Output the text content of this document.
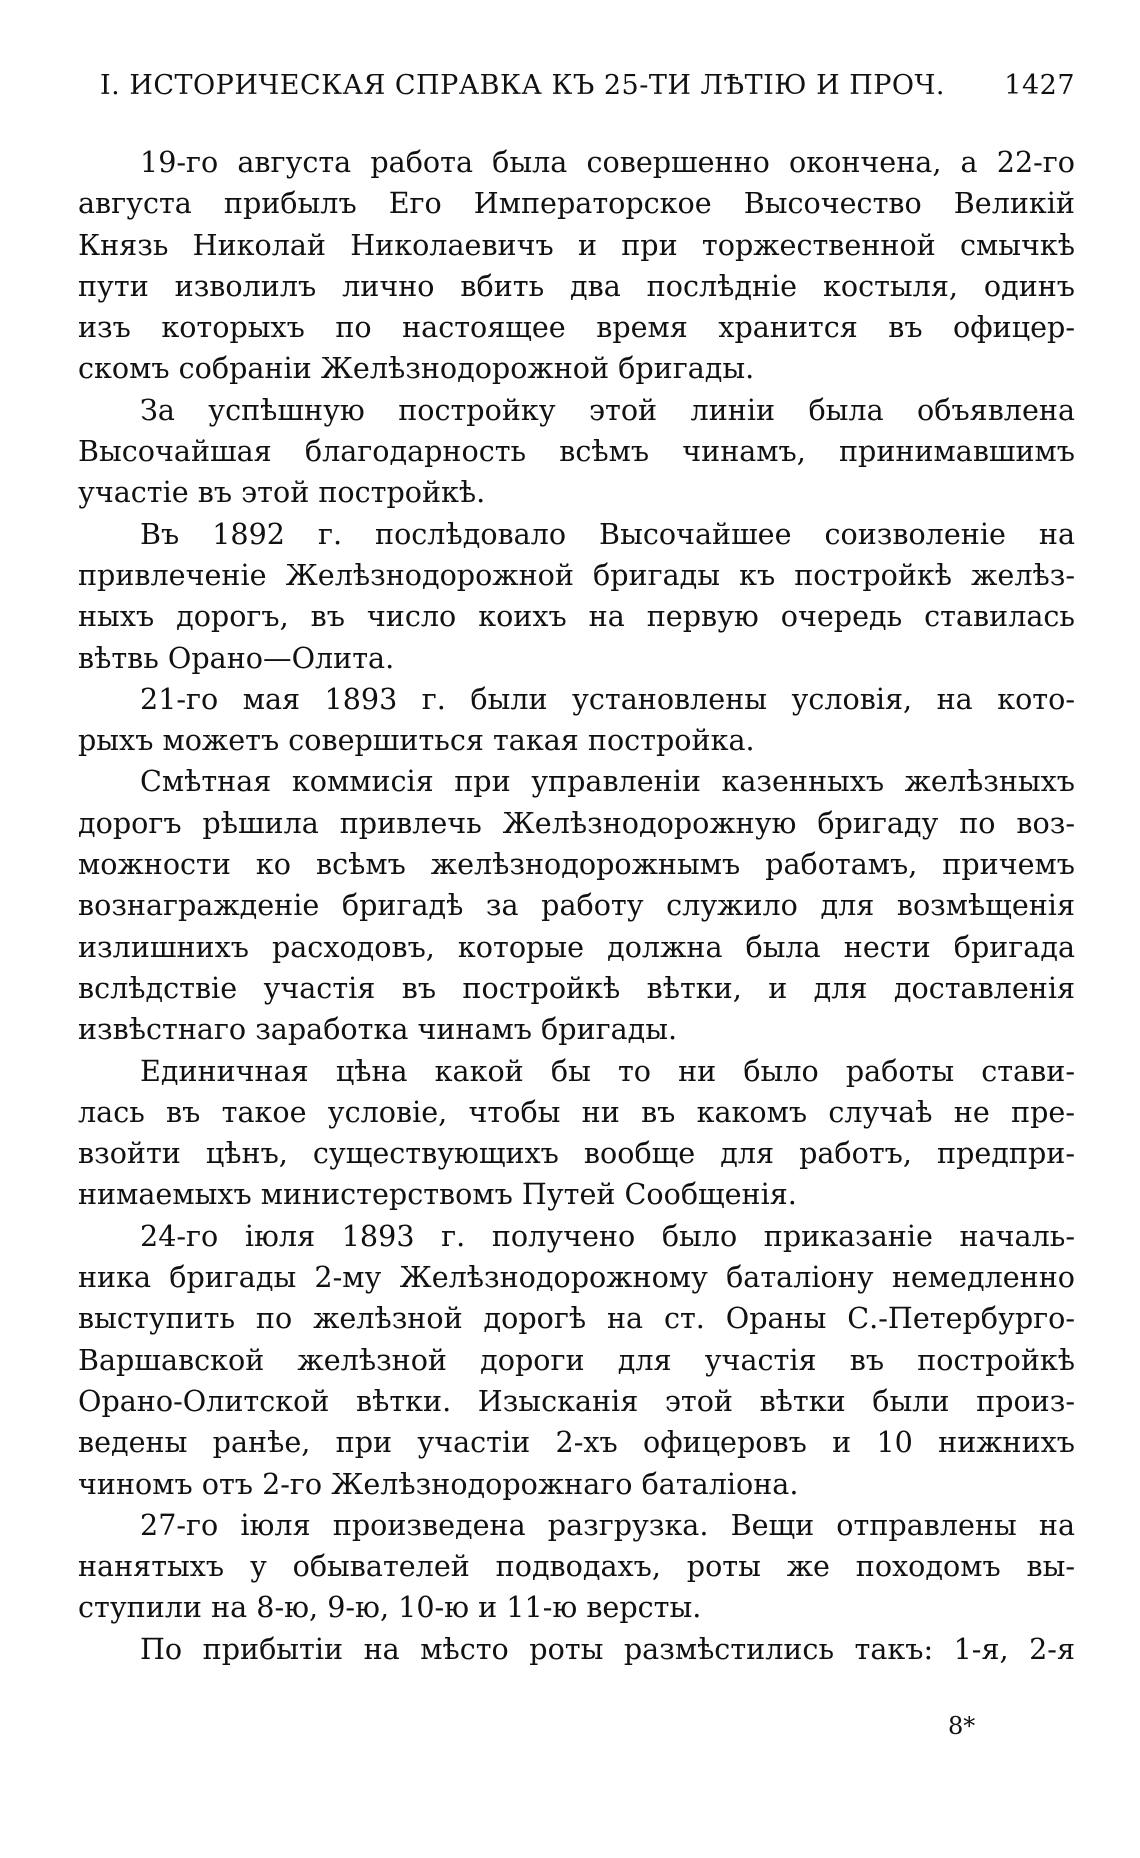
I. ИСТОРИЧЕСКАЯ СПРАВКА КЪ 25-ТИ ЛѢТІЮ И ПРОЧ. 1427
19-го августа работа была совершенно окончена, а 22-го
августа прибылъ Его Императорское Высочество Великій
Князь Николай Николаевичъ и при торжественной смычкѣ
пути изволилъ лично вбить два послѣдніе костыля, одинъ
изъ которыхъ по настоящее время хранится въ офицер-
скомъ собраніи Желѣзнодорожной бригады.
За успѣшную постройку этой линіи была объявлена
Высочайшая благодарность всѣмъ чинамъ, принимавшимъ
участіе въ этой постройкѣ.
Въ 1892 г. послѣдовало Высочайшее соизволеніе на
привлеченіе Желѣзнодорожной бригады къ постройкѣ желѣз-
ныхъ дорогъ, въ число коихъ на первую очередь ставилась
вѣтвь Орано—Олита.
21-го мая 1893 г. были установлены условія, на кото-
рыхъ можетъ совершиться такая постройка.
Смѣтная коммисія при управленіи казенныхъ желѣзныхъ
дорогъ рѣшила привлечь Желѣзнодорожную бригаду по воз-
можности ко всѣмъ желѣзнодорожнымъ работамъ, причемъ
вознагражденіе бригадѣ за работу служило для возмѣщенія
излишнихъ расходовъ, которые должна была нести бригада
вслѣдствіе участія въ постройкѣ вѣтки, и для доставленія
извѣстнаго заработка чинамъ бригады.
Единичная цѣна какой бы то ни было работы стави-
лась въ такое условіе, чтобы ни въ какомъ случаѣ не пре-
взойти цѣнъ, существующихъ вообще для работъ, предпри-
нимаемыхъ министерствомъ Путей Сообщенія.
24-го іюля 1893 г. получено было приказаніе началь-
ника бригады 2-му Желѣзнодорожному баталіону немедленно
выступить по желѣзной дорогѣ на ст. Ораны С.-Петербурго-
Варшавской желѣзной дороги для участія въ постройкѣ
Орано-Олитской вѣтки. Изысканія этой вѣтки были произ-
ведены ранѣе, при участіи 2-хъ офицеровъ и 10 нижнихъ
чиномъ отъ 2-го Желѣзнодорожнаго баталіона.
27-го іюля произведена разгрузка. Вещи отправлены на
нанятыхъ у обывателей подводахъ, роты же походомъ вы-
ступили на 8-ю, 9-ю, 10-ю и 11-ю версты.
По прибытіи на мѣсто роты размѣстились такъ: 1-я, 2-я
8*
